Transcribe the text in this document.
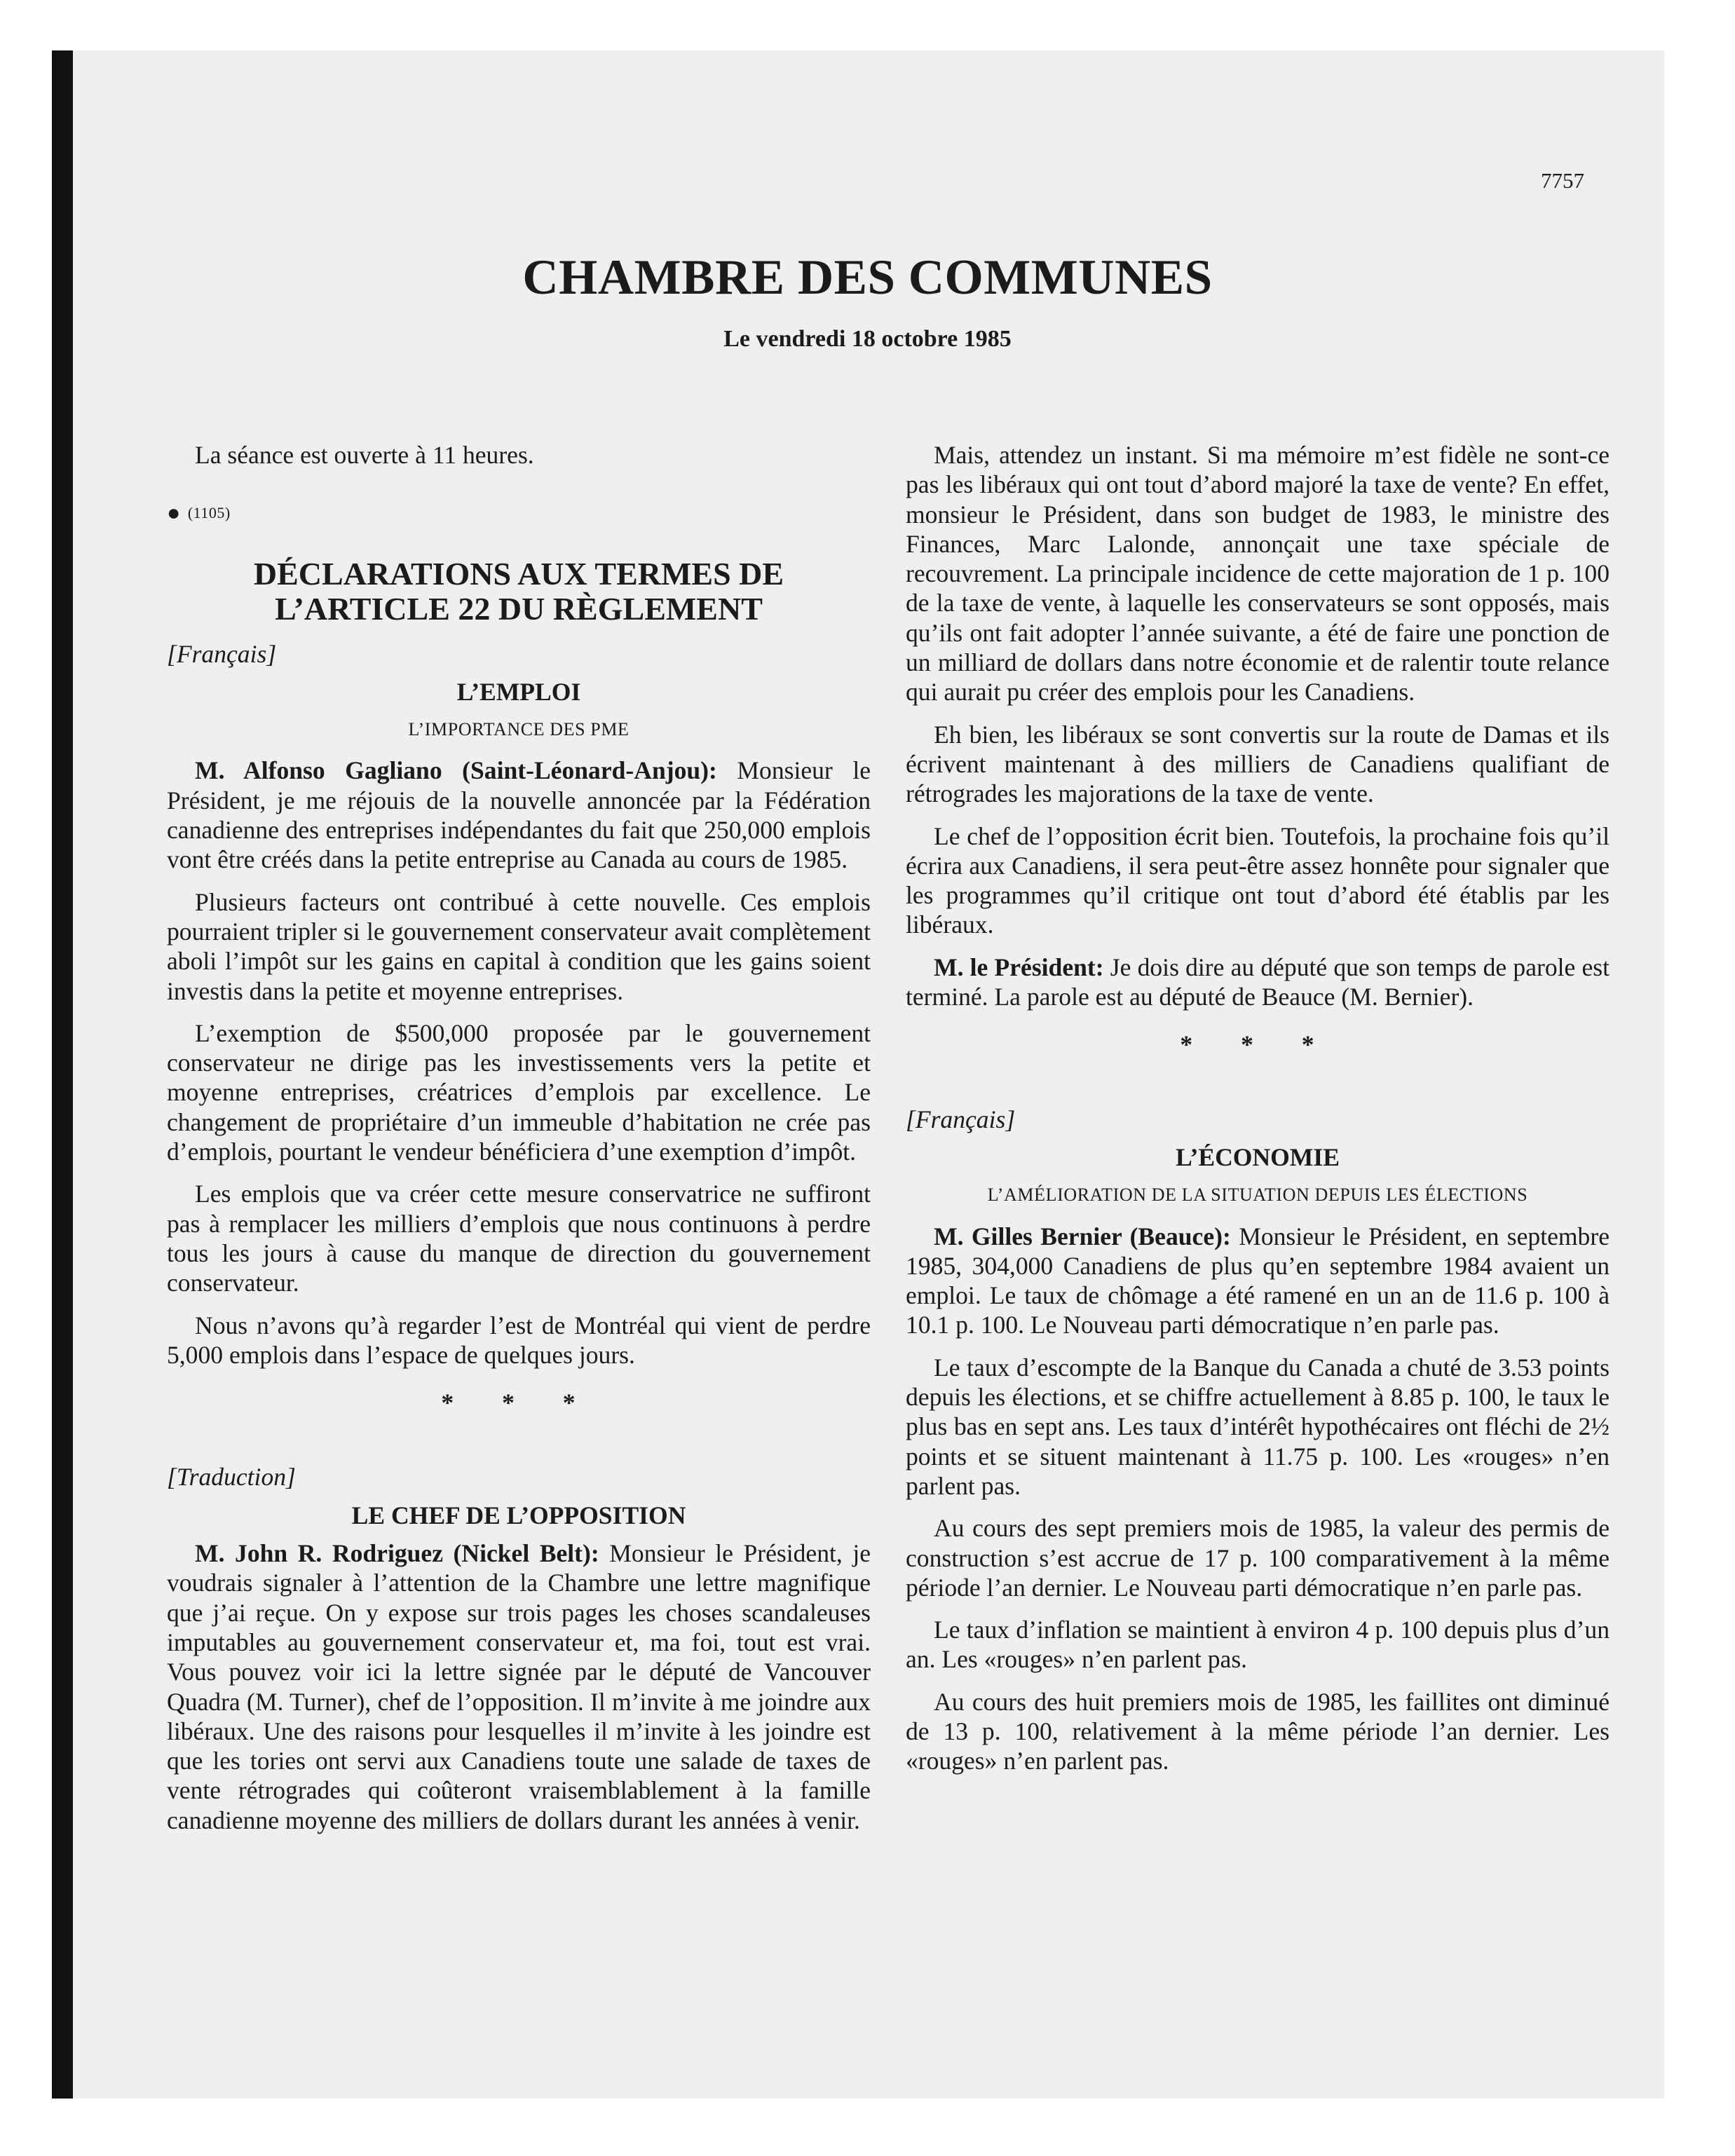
7757
CHAMBRE DES COMMUNES
Le vendredi 18 octobre 1985

La séance est ouverte à 11 heures.

● (1105)
DÉCLARATIONS AUX TERMES DE L’ARTICLE 22 DU RÈGLEMENT
[Français]
L’EMPLOI
L’IMPORTANCE DES PME

M. Alfonso Gagliano (Saint-Léonard-Anjou): Monsieur le Président, je me réjouis de la nouvelle annoncée par la Fédération canadienne des entreprises indépendantes du fait que 250,000 emplois vont être créés dans la petite entreprise au Canada au cours de 1985.

Plusieurs facteurs ont contribué à cette nouvelle. Ces emplois pourraient tripler si le gouvernement conservateur avait complètement aboli l’impôt sur les gains en capital à condition que les gains soient investis dans la petite et moyenne entreprises.

L’exemption de $500,000 proposée par le gouvernement conservateur ne dirige pas les investissements vers la petite et moyenne entreprises, créatrices d’emplois par excellence. Le changement de propriétaire d’un immeuble d’habitation ne crée pas d’emplois, pourtant le vendeur bénéficiera d’une exemption d’impôt.

Les emplois que va créer cette mesure conservatrice ne suffiront pas à remplacer les milliers d’emplois que nous continuons à perdre tous les jours à cause du manque de direction du gouvernement conservateur.

Nous n’avons qu’à regarder l’est de Montréal qui vient de perdre 5,000 emplois dans l’espace de quelques jours.

* * *
[Traduction]
LE CHEF DE L’OPPOSITION

M. John R. Rodriguez (Nickel Belt): Monsieur le Président, je voudrais signaler à l’attention de la Chambre une lettre magnifique que j’ai reçue. On y expose sur trois pages les choses scandaleuses imputables au gouvernement conservateur et, ma foi, tout est vrai. Vous pouvez voir ici la lettre signée par le député de Vancouver Quadra (M. Turner), chef de l’opposition. Il m’invite à me joindre aux libéraux. Une des raisons pour lesquelles il m’invite à les joindre est que les tories ont servi aux Canadiens toute une salade de taxes de vente rétrogrades qui coûteront vraisemblablement à la famille canadienne moyenne des milliers de dollars durant les années à venir.

Mais, attendez un instant. Si ma mémoire m’est fidèle ne sont-ce pas les libéraux qui ont tout d’abord majoré la taxe de vente? En effet, monsieur le Président, dans son budget de 1983, le ministre des Finances, Marc Lalonde, annonçait une taxe spéciale de recouvrement. La principale incidence de cette majoration de 1 p. 100 de la taxe de vente, à laquelle les conservateurs se sont opposés, mais qu’ils ont fait adopter l’année suivante, a été de faire une ponction de un milliard de dollars dans notre économie et de ralentir toute relance qui aurait pu créer des emplois pour les Canadiens.

Eh bien, les libéraux se sont convertis sur la route de Damas et ils écrivent maintenant à des milliers de Canadiens qualifiant de rétrogrades les majorations de la taxe de vente.

Le chef de l’opposition écrit bien. Toutefois, la prochaine fois qu’il écrira aux Canadiens, il sera peut-être assez honnête pour signaler que les programmes qu’il critique ont tout d’abord été établis par les libéraux.

M. le Président: Je dois dire au député que son temps de parole est terminé. La parole est au député de Beauce (M. Bernier).

* * *
[Français]
L’ÉCONOMIE
L’AMÉLIORATION DE LA SITUATION DEPUIS LES ÉLECTIONS

M. Gilles Bernier (Beauce): Monsieur le Président, en septembre 1985, 304,000 Canadiens de plus qu’en septembre 1984 avaient un emploi. Le taux de chômage a été ramené en un an de 11.6 p. 100 à 10.1 p. 100. Le Nouveau parti démocratique n’en parle pas.

Le taux d’escompte de la Banque du Canada a chuté de 3.53 points depuis les élections, et se chiffre actuellement à 8.85 p. 100, le taux le plus bas en sept ans. Les taux d’intérêt hypothécaires ont fléchi de 2½ points et se situent maintenant à 11.75 p. 100. Les «rouges» n’en parlent pas.

Au cours des sept premiers mois de 1985, la valeur des permis de construction s’est accrue de 17 p. 100 comparativement à la même période l’an dernier. Le Nouveau parti démocratique n’en parle pas.

Le taux d’inflation se maintient à environ 4 p. 100 depuis plus d’un an. Les «rouges» n’en parlent pas.

Au cours des huit premiers mois de 1985, les faillites ont diminué de 13 p. 100, relativement à la même période l’an dernier. Les «rouges» n’en parlent pas.
